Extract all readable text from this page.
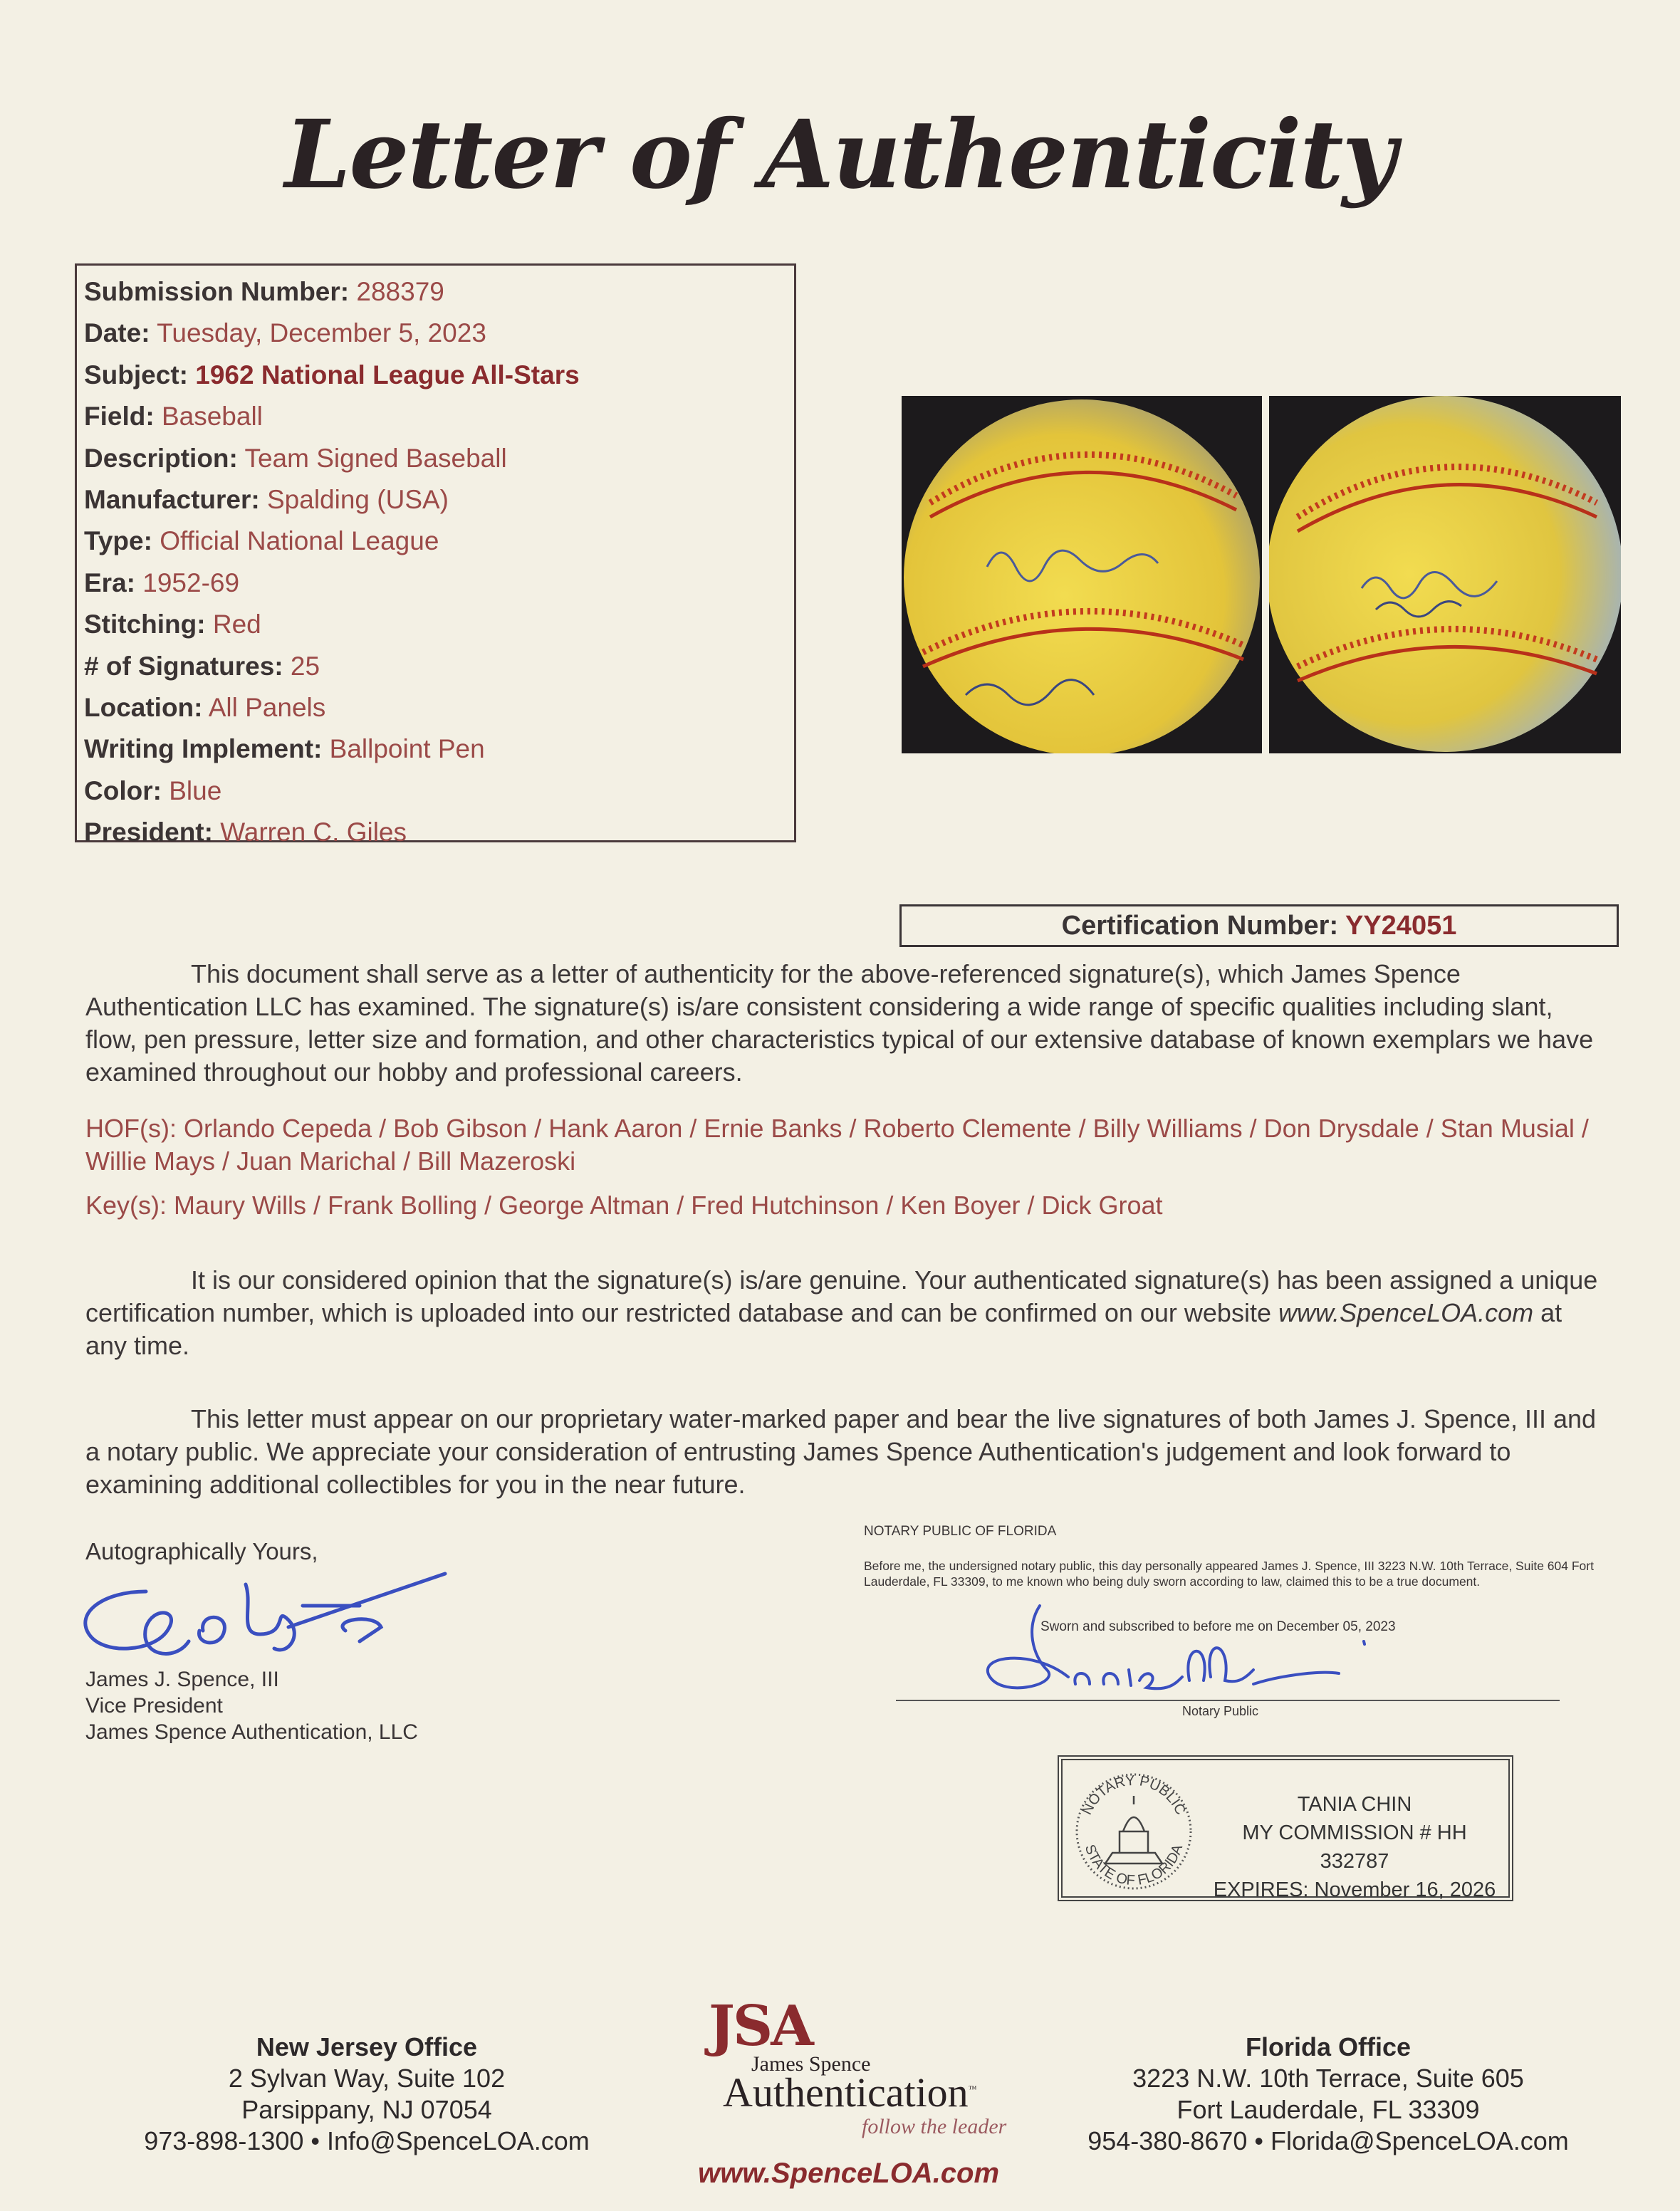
Letter of Authenticity
Submission Number: 288379
Date: Tuesday, December 5, 2023
Subject: 1962 National League All-Stars
Field: Baseball
Description: Team Signed Baseball
Manufacturer: Spalding (USA)
Type: Official National League
Era: 1952-69
Stitching: Red
# of Signatures: 25
Location: All Panels
Writing Implement: Ballpoint Pen
Color: Blue
President: Warren C. Giles
Certification Number: YY24051
This document shall serve as a letter of authenticity for the above-referenced signature(s), which James Spence Authentication LLC has examined. The signature(s) is/are consistent considering a wide range of specific qualities including slant, flow, pen pressure, letter size and formation, and other characteristics typical of our extensive database of known exemplars we have examined throughout our hobby and professional careers.
HOF(s): Orlando Cepeda / Bob Gibson / Hank Aaron / Ernie Banks / Roberto Clemente / Billy Williams / Don Drysdale / Stan Musial / Willie Mays / Juan Marichal / Bill Mazeroski
Key(s): Maury Wills / Frank Bolling / George Altman / Fred Hutchinson / Ken Boyer / Dick Groat
It is our considered opinion that the signature(s) is/are genuine. Your authenticated signature(s) has been assigned a unique certification number, which is uploaded into our restricted database and can be confirmed on our website www.SpenceLOA.com at any time.
This letter must appear on our proprietary water-marked paper and bear the live signatures of both James J. Spence, III and a notary public. We appreciate your consideration of entrusting James Spence Authentication's judgement and look forward to examining additional collectibles for you in the near future.
Autographically Yours,
James J. Spence, III
Vice President
James Spence Authentication, LLC
NOTARY PUBLIC OF FLORIDA
Before me, the undersigned notary public, this day personally appeared James J. Spence, III 3223 N.W. 10th Terrace, Suite 604 Fort Lauderdale, FL 33309, to me known who being duly sworn according to law, claimed this to be a true document.
Sworn and subscribed to before me on December 05, 2023
Notary Public
NOTARY PUBLIC
STATE OF FLORIDA
TANIA CHIN
MY COMMISSION # HH 332787
EXPIRES: November 16, 2026
New Jersey Office
2 Sylvan Way, Suite 102
Parsippany, NJ 07054
973-898-1300 • Info@SpenceLOA.com
JSA
James Spence
Authentication™
follow the leader
www.SpenceLOA.com
Florida Office
3223 N.W. 10th Terrace, Suite 605
Fort Lauderdale, FL 33309
954-380-8670 • Florida@SpenceLOA.com
